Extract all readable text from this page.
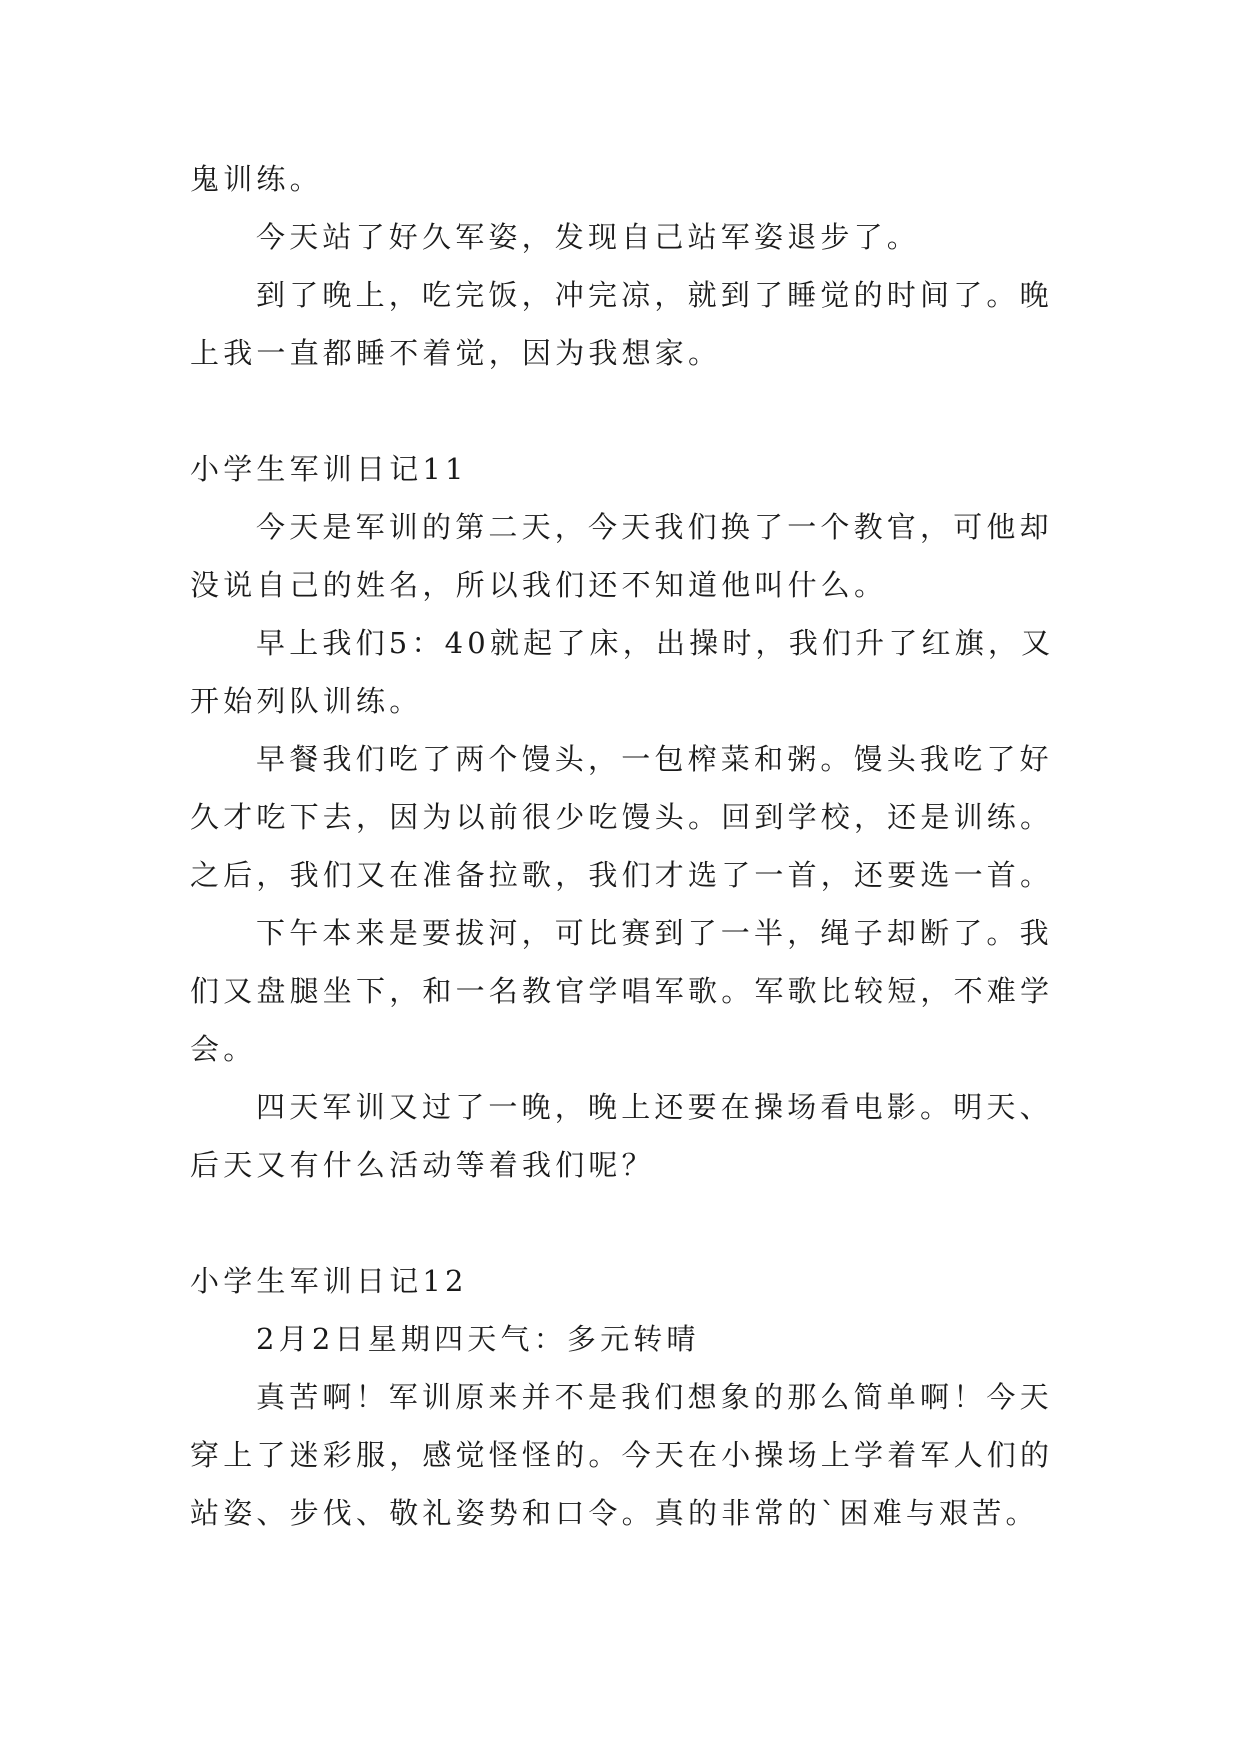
鬼训练。

今天站了好久军姿，发现自己站军姿退步了。

到了晚上，吃完饭，冲完凉，就到了睡觉的时间了。晚上我一直都睡不着觉，因为我想家。

小学生军训日记11

今天是军训的第二天，今天我们换了一个教官，可他却没说自己的姓名，所以我们还不知道他叫什么。

早上我们5：40就起了床，出操时，我们升了红旗，又开始列队训练。

早餐我们吃了两个馒头，一包榨菜和粥。馒头我吃了好久才吃下去，因为以前很少吃馒头。回到学校，还是训练。之后，我们又在准备拉歌，我们才选了一首，还要选一首。

下午本来是要拔河，可比赛到了一半，绳子却断了。我们又盘腿坐下，和一名教官学唱军歌。军歌比较短，不难学会。

四天军训又过了一晚，晚上还要在操场看电影。明天、后天又有什么活动等着我们呢？

小学生军训日记12

2月2日星期四天气：多元转晴

真苦啊！军训原来并不是我们想象的那么简单啊！今天穿上了迷彩服，感觉怪怪的。今天在小操场上学着军人们的站姿、步伐、敬礼姿势和口令。真的非常的`困难与艰苦。
